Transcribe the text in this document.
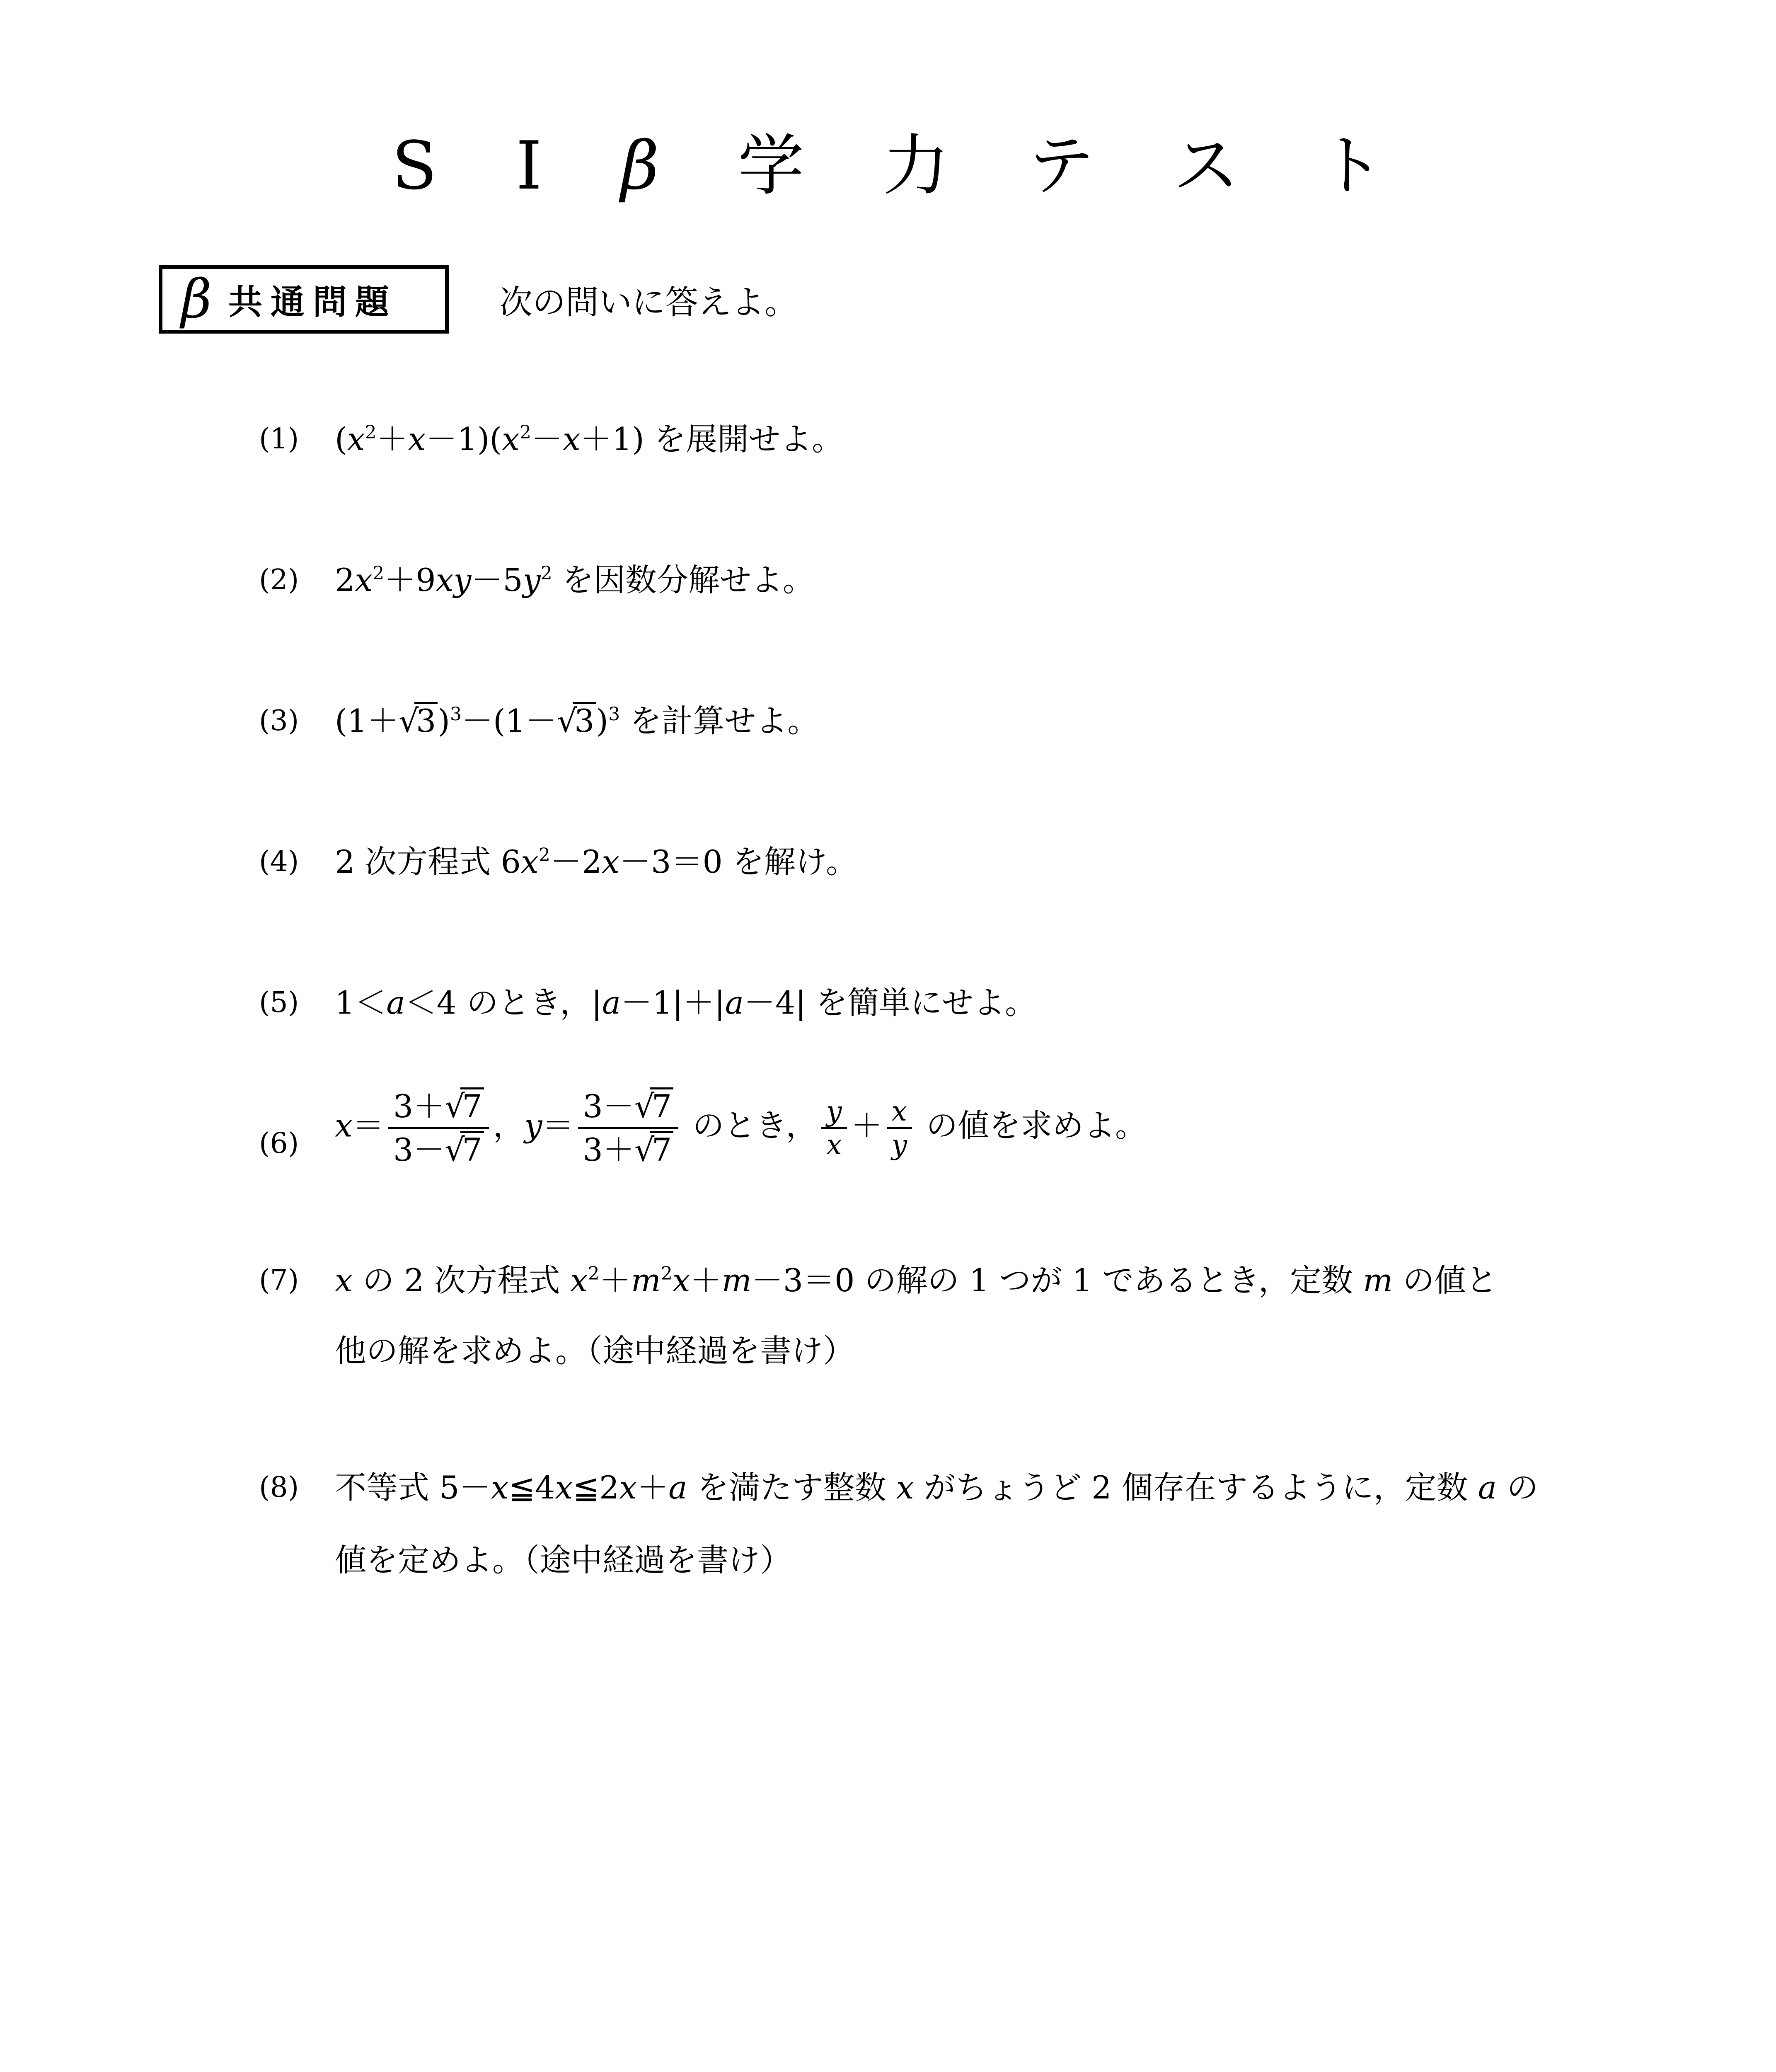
S I β 学 力 テ ス ト
β 共通問題	次の問いに答えよ。
(1) $(x^2+x-1)(x^2-x+1)$ を展開せよ。
(2) $2x^2+9xy-5y^2$ を因数分解せよ。
(3) (1＋ √ 3)$^3$－(1－ √ 3)$^3$ を計算せよ。
(4) 2 次方程式 $6x^2-2x-3=0$ を解け。
(5) 1＜a＜4 のとき，|a－1|＋|a－4| を簡単にせよ。
(6) $x= \frac{3+ √ 7}{3- √ 7}$ ，$y= \frac{3- √ 7}{3+ √ 7}$ のとき， $\frac{y}{x} + \frac{x}{y}$ の値を求めよ。
(7) x の 2 次方程式 $x^2+m^2x+m-3=0$ の解の 1 つが 1 であるとき，定数 m の値と
他の解を求めよ。（途中経過を書け）
(8) 不等式 5－x≦4x≦2x＋a を満たす整数 x がちょうど 2 個存在するように，定数 a の
値を定めよ。（途中経過を書け）
